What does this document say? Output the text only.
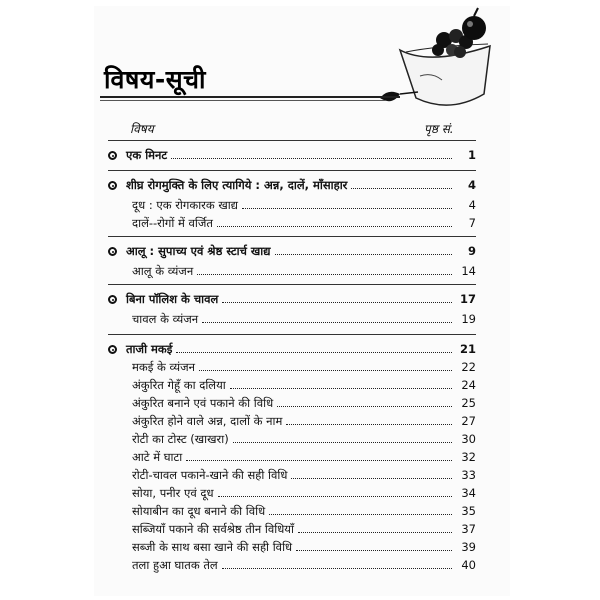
विषय-सूची
विषय	पृष्ठ सं.
एक मिनट	1
शीघ्र रोगमुक्ति के लिए त्यागिये : अन्न, दालें, माँसाहार	4
दूध : एक रोगकारक खाद्य	4
दालें--रोगों में वर्जित	7
आलू : सुपाच्य एवं श्रेष्ठ स्टार्च खाद्य	9
आलू के व्यंजन	14
बिना पॉलिश के चावल	17
चावल के व्यंजन	19
ताजी मकई	21
मकई के व्यंजन	22
अंकुरित गेहूँ का दलिया	24
अंकुरित बनाने एवं पकाने की विधि	25
अंकुरित होने वाले अन्न, दालों के नाम	27
रोटी का टोस्ट (खाखरा)	30
आटे में घाटा	32
रोटी-चावल पकाने-खाने की सही विधि	33
सोया, पनीर एवं दूध	34
सोयाबीन का दूध बनाने की विधि	35
सब्जियाँ पकाने की सर्वश्रेष्ठ तीन विधियाँ	37
सब्जी के साथ बसा खाने की सही विधि	39
तला हुआ घातक तेल	40
